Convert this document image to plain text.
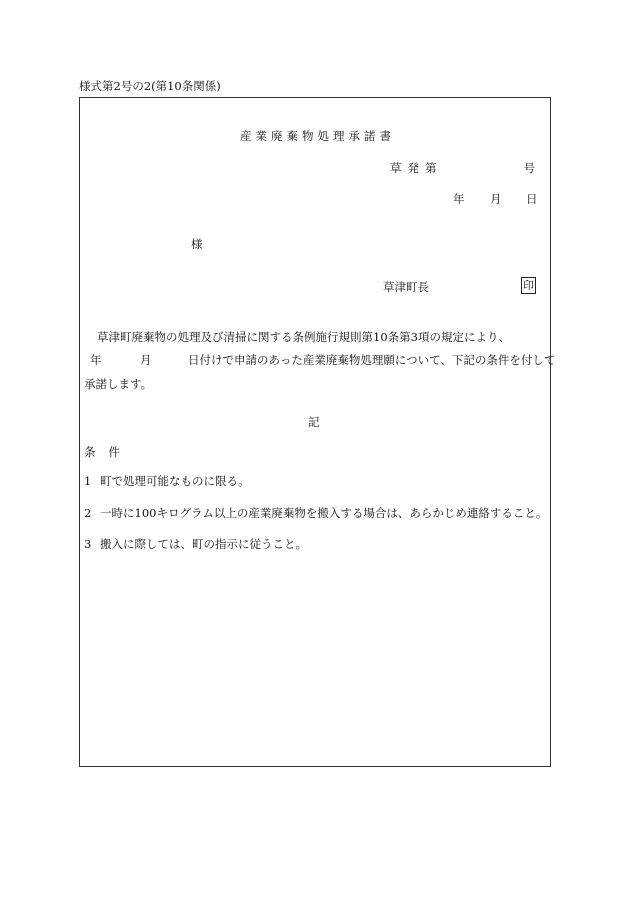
様式第2号の2(第10条関係)
産業廃棄物処理承諾書
草発第	号
年 月 日
様
草津町長	印
草津町廃棄物の処理及び清掃に関する条例施行規則第10条第3項の規定により、
年	月	日付けで申請のあった産業廃棄物処理願について、下記の条件を付して
承諾します。
記
条件
1 町で処理可能なものに限る。
2 一時に100キログラム以上の産業廃棄物を搬入する場合は、あらかじめ連絡すること。
3 搬入に際しては、町の指示に従うこと。
